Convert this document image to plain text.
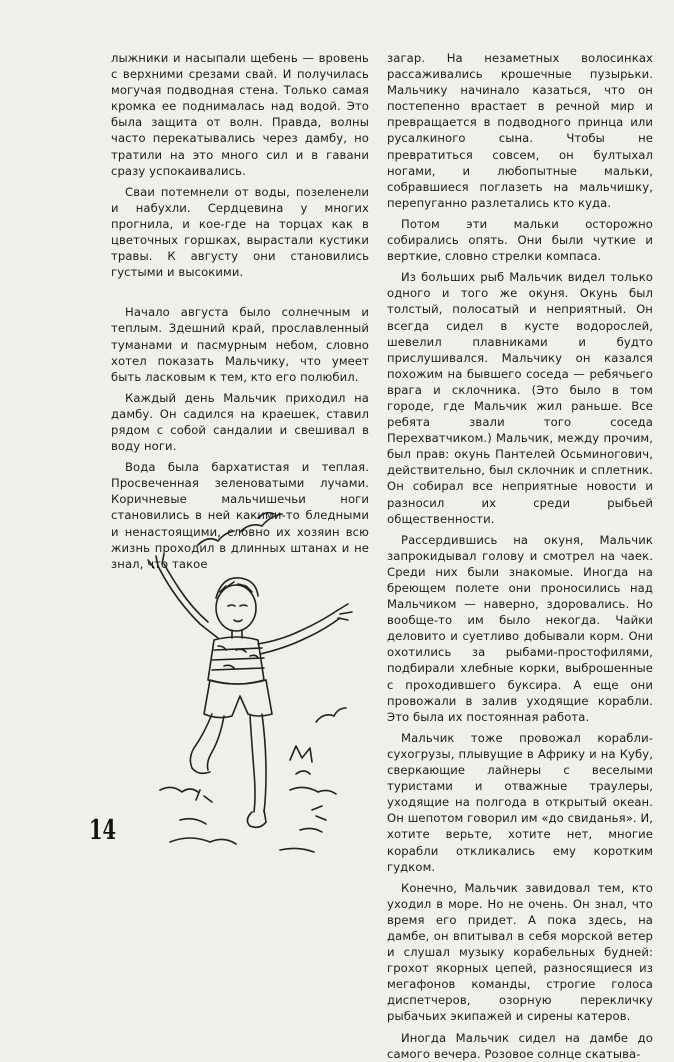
лыжники и насыпали щебень — вровень с верхними срезами свай. И получилась могучая подводная стена. Только самая кромка ее поднималась над водой. Это была защита от волн. Правда, волны часто перекатывались через дамбу, но тратили на это много сил и в гавани сразу успокаивались.

Сваи потемнели от воды, позеленели и набухли. Сердцевина у многих прогнила, и кое-где на торцах как в цветочных горшках, вырастали кустики травы. К августу они становились густыми и высокими.

Начало августа было солнечным и теплым. Здешний край, прославленный туманами и пасмурным небом, словно хотел показать Мальчику, что умеет быть ласковым к тем, кто его полюбил.

Каждый день Мальчик приходил на дамбу. Он садился на краешек, ставил рядом с собой сандалии и свешивал в воду ноги.

Вода была бархатистая и теплая. Просвеченная зеленоватыми лучами. Коричневые мальчишечьи ноги становились в ней какими-то бледными и ненастоящими, словно их хозяин всю жизнь проходил в длинных штанах и не знал, что такое

загар. На незаметных волосинках рассаживались крошечные пузырьки. Мальчику начинало казаться, что он постепенно врастает в речной мир и превращается в подводного принца или русалкиного сына. Чтобы не превратиться совсем, он бултыхал ногами, и любопытные мальки, собравшиеся поглазеть на мальчишку, перепуганно разлетались кто куда.

Потом эти мальки осторожно собирались опять. Они были чуткие и верткие, словно стрелки компаса.

Из больших рыб Мальчик видел только одного и того же окуня. Окунь был толстый, полосатый и неприятный. Он всегда сидел в кусте водорослей, шевелил плавниками и будто прислушивался. Мальчику он казался похожим на бывшего соседа — ребячьего врага и склочника. (Это было в том городе, где Мальчик жил раньше. Все ребята звали того соседа Перехватчиком.) Мальчик, между прочим, был прав: окунь Пантелей Осьминогович, действительно, был склочник и сплетник. Он собирал все неприятные новости и разносил их среди рыбьей общественности.

Рассердившись на окуня, Мальчик запрокидывал голову и смотрел на чаек. Среди них были знакомые. Иногда на бреющем полете они проносились над Мальчиком — наверно, здоровались. Но вообще-то им было некогда. Чайки деловито и суетливо добывали корм. Они охотились за рыбами-простофилями, подбирали хлебные корки, выброшенные с проходившего буксира. А еще они провожали в залив уходящие корабли. Это была их постоянная работа.

Мальчик тоже провожал корабли-сухогрузы, плывущие в Африку и на Кубу, сверкающие лайнеры с веселыми туристами и отважные траулеры, уходящие на полгода в открытый океан. Он шепотом говорил им «до свиданья». И, хотите верьте, хотите нет, многие корабли откликались ему коротким гудком.

Конечно, Мальчик завидовал тем, кто уходил в море. Но не очень. Он знал, что время его придет. А пока здесь, на дамбе, он впитывал в себя морской ветер и слушал музыку корабельных будней: грохот якорных цепей, разносящиеся из мегафонов команды, строгие голоса диспетчеров, озорную перекличку рыбачьих экипажей и сирены катеров.

Иногда Мальчик сидел на дамбе до самого вечера. Розовое солнце скатыва-

14
